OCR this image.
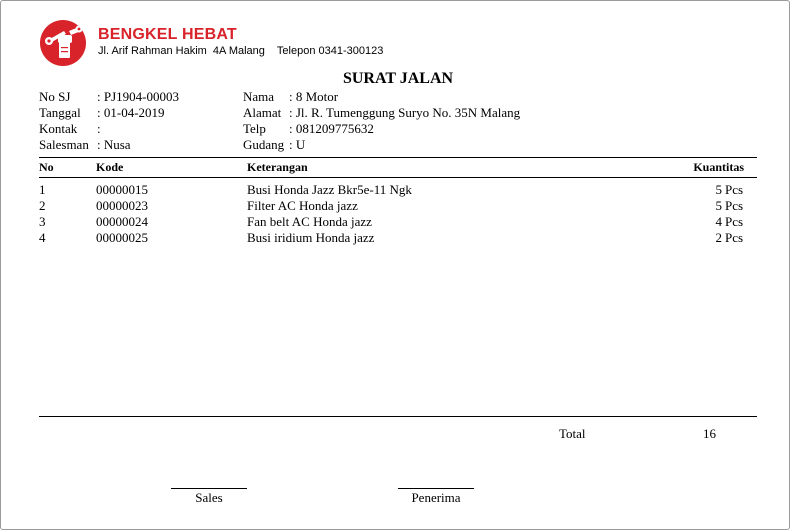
BENGKEL HEBAT
Jl. Arif Rahman Hakim  4A Malang    Telepon 0341-300123
SURAT JALAN
No SJ : PJ1904-00003
Tanggal : 01-04-2019
Kontak :
Salesman : Nusa
Nama : 8 Motor
Alamat : Jl. R. Tumenggung Suryo No. 35N Malang
Telp : 081209775632
Gudang : U
No	Kode	Keterangan	Kuantitas
1	00000015	Busi Honda Jazz Bkr5e-11 Ngk	5 Pcs
2	00000023	Filter AC Honda jazz	5 Pcs
3	00000024	Fan belt AC Honda jazz	4 Pcs
4	00000025	Busi iridium Honda jazz	2 Pcs
Total	16
Sales	Penerima
